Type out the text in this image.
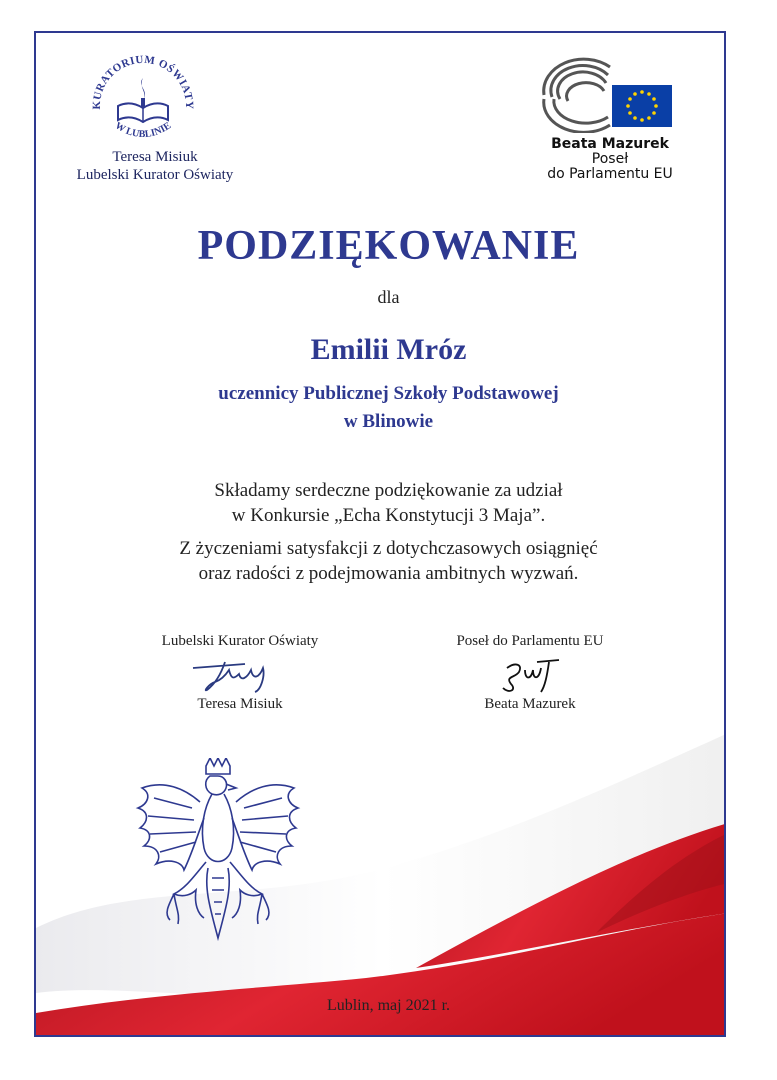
KURATORIUM OŚWIATY
W LUBLINIE
Teresa Misiuk
Lubelski Kurator Oświaty
Beata Mazurek
Poseł
do Parlamentu EU
PODZIĘKOWANIE
dla
Emilii Mróz
uczennicy Publicznej Szkoły Podstawowej
w Blinowie

Składamy serdeczne podziękowanie za udział
w Konkursie „Echa Konstytucji 3 Maja”.

Z życzeniami satysfakcji z dotychczasowych osiągnięć
oraz radości z podejmowania ambitnych wyzwań.

Lubelski Kurator Oświaty
Teresa Misiuk
Poseł do Parlamentu EU
Beata Mazurek
Lublin, maj 2021 r.
